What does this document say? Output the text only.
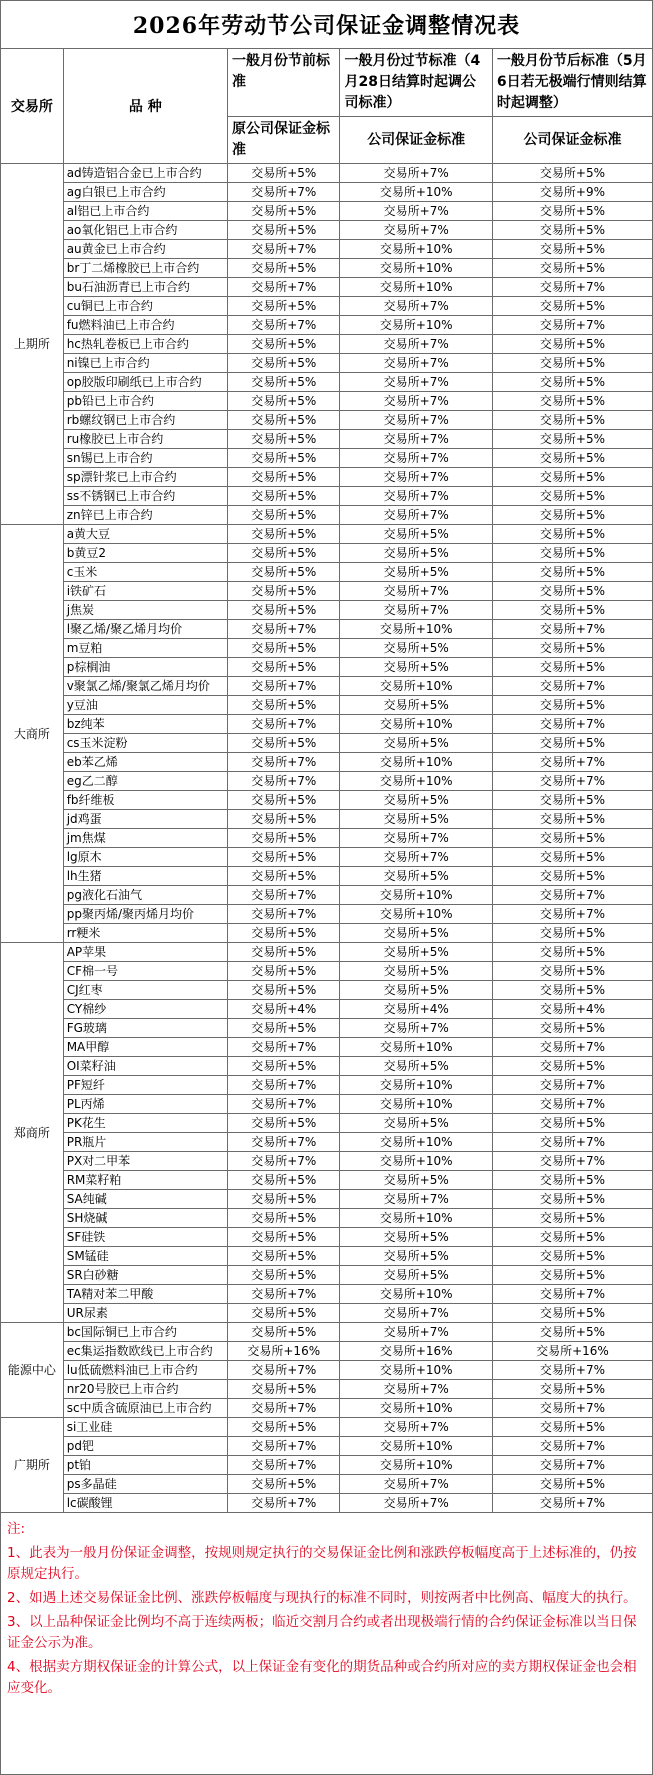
2026年劳动节公司保证金调整情况表				
交易所	品 种	一般月份节前标准	一般月份过节标准（4月28日结算时起调公司标准）	一般月份节后标准（5月6日若无极端行情则结算时起调整）
		原公司保证金标准	公司保证金标准	公司保证金标准
上期所	ad铸造铝合金已上市合约	交易所+5%	交易所+7%	交易所+5%
	ag白银已上市合约	交易所+7%	交易所+10%	交易所+9%
	al铝已上市合约	交易所+5%	交易所+7%	交易所+5%
	ao氧化铝已上市合约	交易所+5%	交易所+7%	交易所+5%
	au黄金已上市合约	交易所+7%	交易所+10%	交易所+5%
	br丁二烯橡胶已上市合约	交易所+5%	交易所+10%	交易所+5%
	bu石油沥青已上市合约	交易所+7%	交易所+10%	交易所+7%
	cu铜已上市合约	交易所+5%	交易所+7%	交易所+5%
	fu燃料油已上市合约	交易所+7%	交易所+10%	交易所+7%
	hc热轧卷板已上市合约	交易所+5%	交易所+7%	交易所+5%
	ni镍已上市合约	交易所+5%	交易所+7%	交易所+5%
	op胶版印刷纸已上市合约	交易所+5%	交易所+7%	交易所+5%
	pb铅已上市合约	交易所+5%	交易所+7%	交易所+5%
	rb螺纹钢已上市合约	交易所+5%	交易所+7%	交易所+5%
	ru橡胶已上市合约	交易所+5%	交易所+7%	交易所+5%
	sn锡已上市合约	交易所+5%	交易所+7%	交易所+5%
	sp漂针浆已上市合约	交易所+5%	交易所+7%	交易所+5%
	ss不锈钢已上市合约	交易所+5%	交易所+7%	交易所+5%
	zn锌已上市合约	交易所+5%	交易所+7%	交易所+5%
大商所	a黄大豆	交易所+5%	交易所+5%	交易所+5%
	b黄豆2	交易所+5%	交易所+5%	交易所+5%
	c玉米	交易所+5%	交易所+5%	交易所+5%
	i铁矿石	交易所+5%	交易所+7%	交易所+5%
	j焦炭	交易所+5%	交易所+7%	交易所+5%
	l聚乙烯/聚乙烯月均价	交易所+7%	交易所+10%	交易所+7%
	m豆粕	交易所+5%	交易所+5%	交易所+5%
	p棕榈油	交易所+5%	交易所+5%	交易所+5%
	v聚氯乙烯/聚氯乙烯月均价	交易所+7%	交易所+10%	交易所+7%
	y豆油	交易所+5%	交易所+5%	交易所+5%
	bz纯苯	交易所+7%	交易所+10%	交易所+7%
	cs玉米淀粉	交易所+5%	交易所+5%	交易所+5%
	eb苯乙烯	交易所+7%	交易所+10%	交易所+7%
	eg乙二醇	交易所+7%	交易所+10%	交易所+7%
	fb纤维板	交易所+5%	交易所+5%	交易所+5%
	jd鸡蛋	交易所+5%	交易所+5%	交易所+5%
	jm焦煤	交易所+5%	交易所+7%	交易所+5%
	lg原木	交易所+5%	交易所+7%	交易所+5%
	lh生猪	交易所+5%	交易所+5%	交易所+5%
	pg液化石油气	交易所+7%	交易所+10%	交易所+7%
	pp聚丙烯/聚丙烯月均价	交易所+7%	交易所+10%	交易所+7%
	rr粳米	交易所+5%	交易所+5%	交易所+5%
郑商所	AP苹果	交易所+5%	交易所+5%	交易所+5%
	CF棉一号	交易所+5%	交易所+5%	交易所+5%
	CJ红枣	交易所+5%	交易所+5%	交易所+5%
	CY棉纱	交易所+4%	交易所+4%	交易所+4%
	FG玻璃	交易所+5%	交易所+7%	交易所+5%
	MA甲醇	交易所+7%	交易所+10%	交易所+7%
	OI菜籽油	交易所+5%	交易所+5%	交易所+5%
	PF短纤	交易所+7%	交易所+10%	交易所+7%
	PL丙烯	交易所+7%	交易所+10%	交易所+7%
	PK花生	交易所+5%	交易所+5%	交易所+5%
	PR瓶片	交易所+7%	交易所+10%	交易所+7%
	PX对二甲苯	交易所+7%	交易所+10%	交易所+7%
	RM菜籽粕	交易所+5%	交易所+5%	交易所+5%
	SA纯碱	交易所+5%	交易所+7%	交易所+5%
	SH烧碱	交易所+5%	交易所+10%	交易所+5%
	SF硅铁	交易所+5%	交易所+5%	交易所+5%
	SM锰硅	交易所+5%	交易所+5%	交易所+5%
	SR白砂糖	交易所+5%	交易所+5%	交易所+5%
	TA精对苯二甲酸	交易所+7%	交易所+10%	交易所+7%
	UR尿素	交易所+5%	交易所+7%	交易所+5%
能源中心	bc国际铜已上市合约	交易所+5%	交易所+7%	交易所+5%
	ec集运指数欧线已上市合约	交易所+16%	交易所+16%	交易所+16%
	lu低硫燃料油已上市合约	交易所+7%	交易所+10%	交易所+7%
	nr20号胶已上市合约	交易所+5%	交易所+7%	交易所+5%
	sc中质含硫原油已上市合约	交易所+7%	交易所+10%	交易所+7%
广期所	si工业硅	交易所+5%	交易所+7%	交易所+5%
	pd钯	交易所+7%	交易所+10%	交易所+7%
	pt铂	交易所+7%	交易所+10%	交易所+7%
	ps多晶硅	交易所+5%	交易所+7%	交易所+5%
	lc碳酸锂	交易所+7%	交易所+7%	交易所+7%
注:

1、此表为一般月份保证金调整，按规则规定执行的交易保证金比例和涨跌停板幅度高于上述标准的，仍按原规定执行。

2、如遇上述交易保证金比例、涨跌停板幅度与现执行的标准不同时，则按两者中比例高、幅度大的执行。

3、以上品种保证金比例均不高于连续两板；临近交割月合约或者出现极端行情的合约保证金标准以当日保证金公示为准。

4、根据卖方期权保证金的计算公式，以上保证金有变化的期货品种或合约所对应的卖方期权保证金也会相应变化。
